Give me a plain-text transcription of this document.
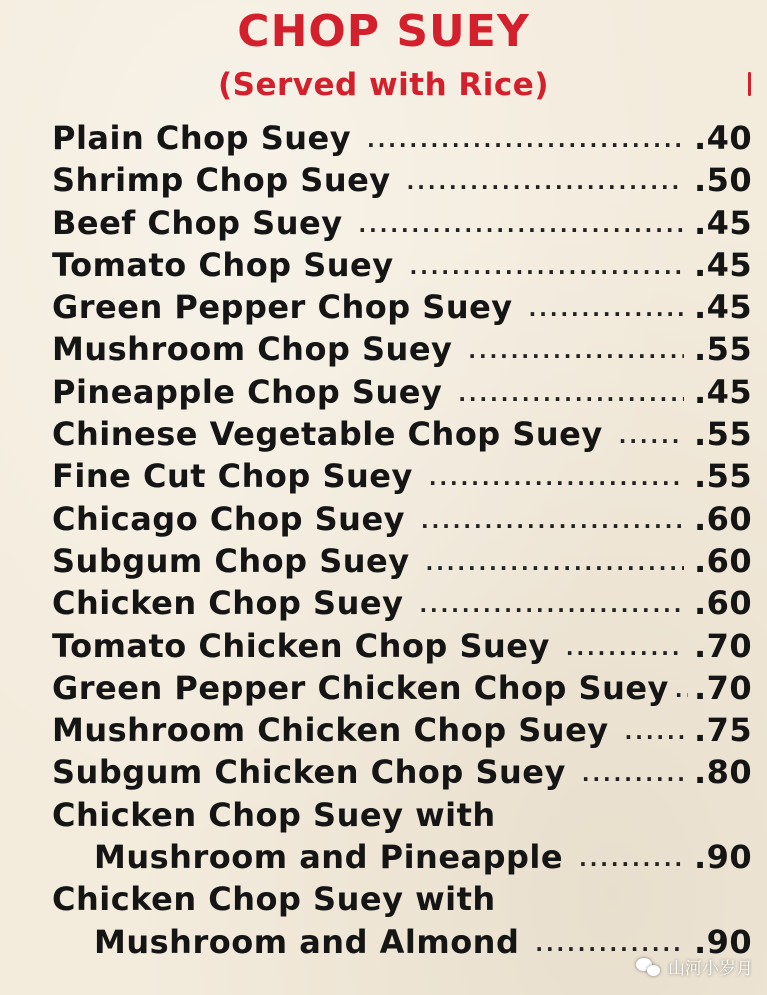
CHOP SUEY
(Served with Rice)
Plain Chop Suey .....	.40
Shrimp Chop Suey .....	.50
Beef Chop Suey .....	.45
Tomato Chop Suey .....	.45
Green Pepper Chop Suey .....	.45
Mushroom Chop Suey .....	.55
Pineapple Chop Suey .....	.45
Chinese Vegetable Chop Suey .....	.55
Fine Cut Chop Suey .....	.55
Chicago Chop Suey .....	.60
Subgum Chop Suey .....	.60
Chicken Chop Suey .....	.60
Tomato Chicken Chop Suey .....	.70
Green Pepper Chicken Chop Suey ..... .70
Mushroom Chicken Chop Suey .....	.75
Subgum Chicken Chop Suey .....	.80
Chicken Chop Suey with
Mushroom and Pineapple .....	.90
Chicken Chop Suey with
Mushroom and Almond .....	.90
山河小岁月
